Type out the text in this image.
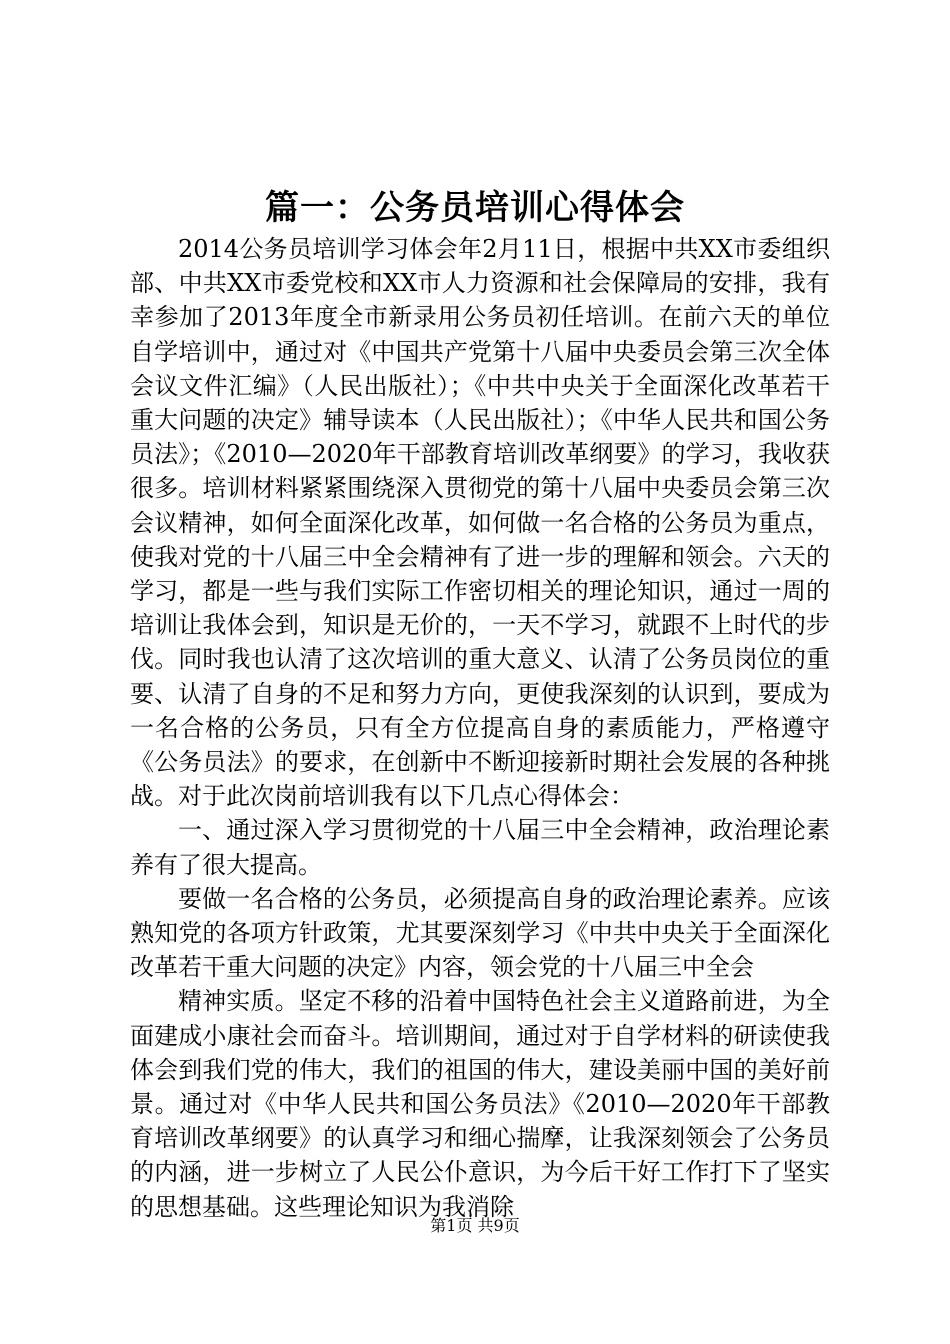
篇一：公务员培训心得体会

2014公务员培训学习体会年2月11日，根据中共XX市委组织部、中共XX市委党校和XX市人力资源和社会保障局的安排，我有幸参加了2013年度全市新录用公务员初任培训。在前六天的单位自学培训中，通过对《中国共产党第十八届中央委员会第三次全体会议文件汇编》（人民出版社）；《中共中央关于全面深化改革若干重大问题的决定》辅导读本（人民出版社）；《中华人民共和国公务员法》；《2010—2020年干部教育培训改革纲要》的学习，我收获很多。培训材料紧紧围绕深入贯彻党的第十八届中央委员会第三次会议精神，如何全面深化改革，如何做一名合格的公务员为重点，使我对党的十八届三中全会精神有了进一步的理解和领会。六天的学习，都是一些与我们实际工作密切相关的理论知识，通过一周的培训让我体会到，知识是无价的，一天不学习，就跟不上时代的步伐。同时我也认清了这次培训的重大意义、认清了公务员岗位的重要、认清了自身的不足和努力方向，更使我深刻的认识到，要成为一名合格的公务员，只有全方位提高自身的素质能力，严格遵守《公务员法》的要求，在创新中不断迎接新时期社会发展的各种挑战。对于此次岗前培训我有以下几点心得体会：

一、通过深入学习贯彻党的十八届三中全会精神，政治理论素养有了很大提高。

要做一名合格的公务员，必须提高自身的政治理论素养。应该熟知党的各项方针政策，尤其要深刻学习《中共中央关于全面深化改革若干重大问题的决定》内容，领会党的十八届三中全会

精神实质。坚定不移的沿着中国特色社会主义道路前进，为全面建成小康社会而奋斗。培训期间，通过对于自学材料的研读使我体会到我们党的伟大，我们的祖国的伟大，建设美丽中国的美好前景。通过对《中华人民共和国公务员法》《2010—2020年干部教育培训改革纲要》的认真学习和细心揣摩，让我深刻领会了公务员的内涵，进一步树立了人民公仆意识，为今后干好工作打下了坚实的思想基础。这些理论知识为我消除

第1页 共9页
